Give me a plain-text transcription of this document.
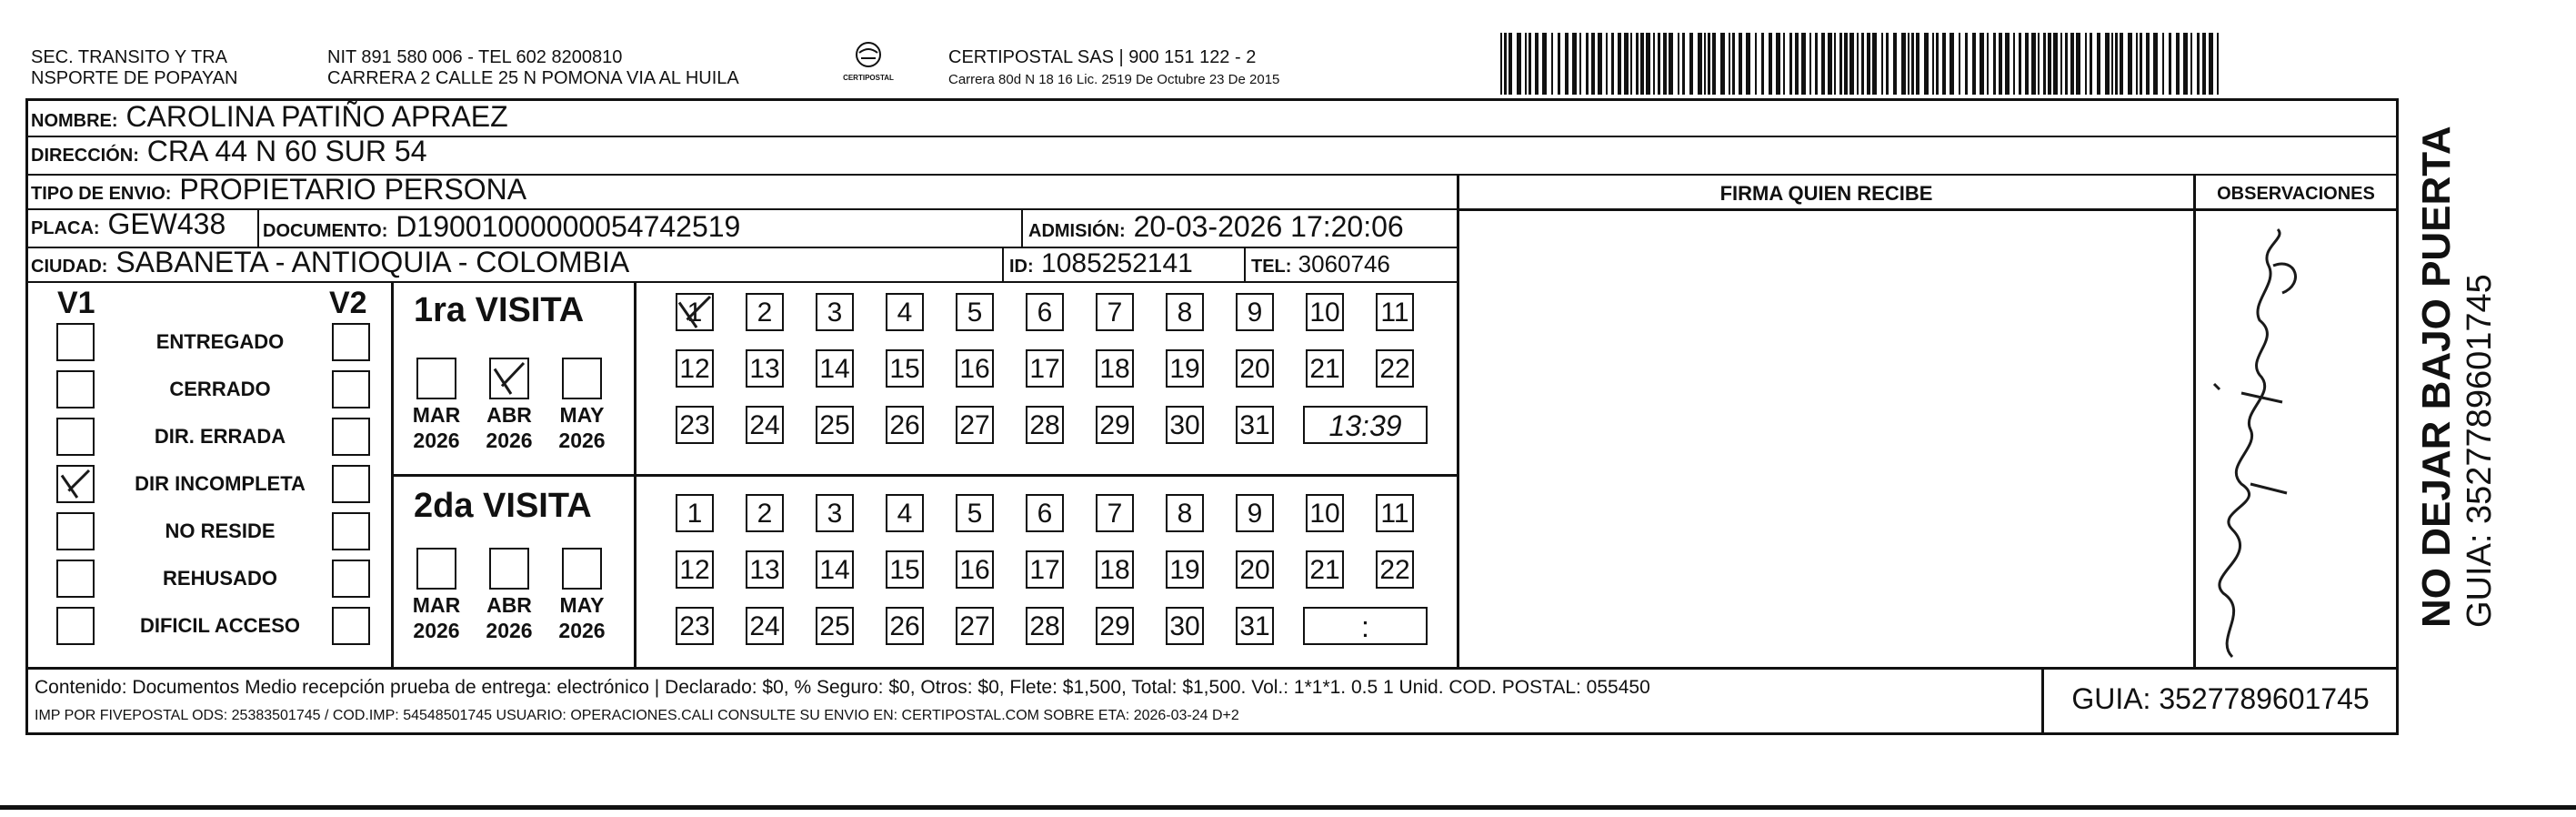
SEC. TRANSITO Y TRA
NSPORTE DE POPAYAN
NIT 891 580 006 - TEL 602 8200810
CARRERA 2 CALLE 25 N POMONA VIA AL HUILA	CERTIPOSTAL
CERTIPOSTAL SAS | 900 151 122 - 2
Carrera 80d N 18 16 Lic. 2519 De Octubre 23 De 2015
NOMBRE: CAROLINA PATIÑO APRAEZ
DIRECCIÓN: CRA 44 N 60 SUR 54
TIPO DE ENVIO: PROPIETARIO PERSONA
PLACA: GEW438	DOCUMENTO: D19001000000054742519	ADMISIÓN: 20-03-2026 17:20:06
CIUDAD: SABANETA - ANTIOQUIA - COLOMBIA	ID: 1085252141	TEL: 3060746
FIRMA QUIEN RECIBE	OBSERVACIONES
V1	V2
ENTREGADO
CERRADO
DIR. ERRADA
DIR INCOMPLETA
NO RESIDE
REHUSADO
DIFICIL ACCESO
1ra VISITA
MAR
2026
ABR
2026
MAY
2026
1	2	3	4	5	6	7	8	9	10 11
12 13 14 15 16 17 18 19 20 21 22
23 24 25 26 27 28 29 30 31	13:39
2da VISITA
MAR
2026
ABR
2026
MAY
2026
1	2	3	4	5	6	7	8	9	10 11
12 13 14 15 16 17 18 19 20 21 22
23 24 25 26 27 28 29 30 31	:
Contenido: Documentos Medio recepción prueba de entrega: electrónico | Declarado: $0, % Seguro: $0, Otros: $0, Flete: $1,500, Total: $1,500. Vol.: 1*1*1. 0.5 1 Unid. COD. POSTAL: 055450
IMP POR FIVEPOSTAL ODS: 25383501745 / COD.IMP: 54548501745 USUARIO: OPERACIONES.CALI CONSULTE SU ENVIO EN: CERTIPOSTAL.COM SOBRE ETA: 2026-03-24 D+2
GUIA: 3527789601745
NO DEJAR BAJO PUERTA GUIA: 3527789601745
